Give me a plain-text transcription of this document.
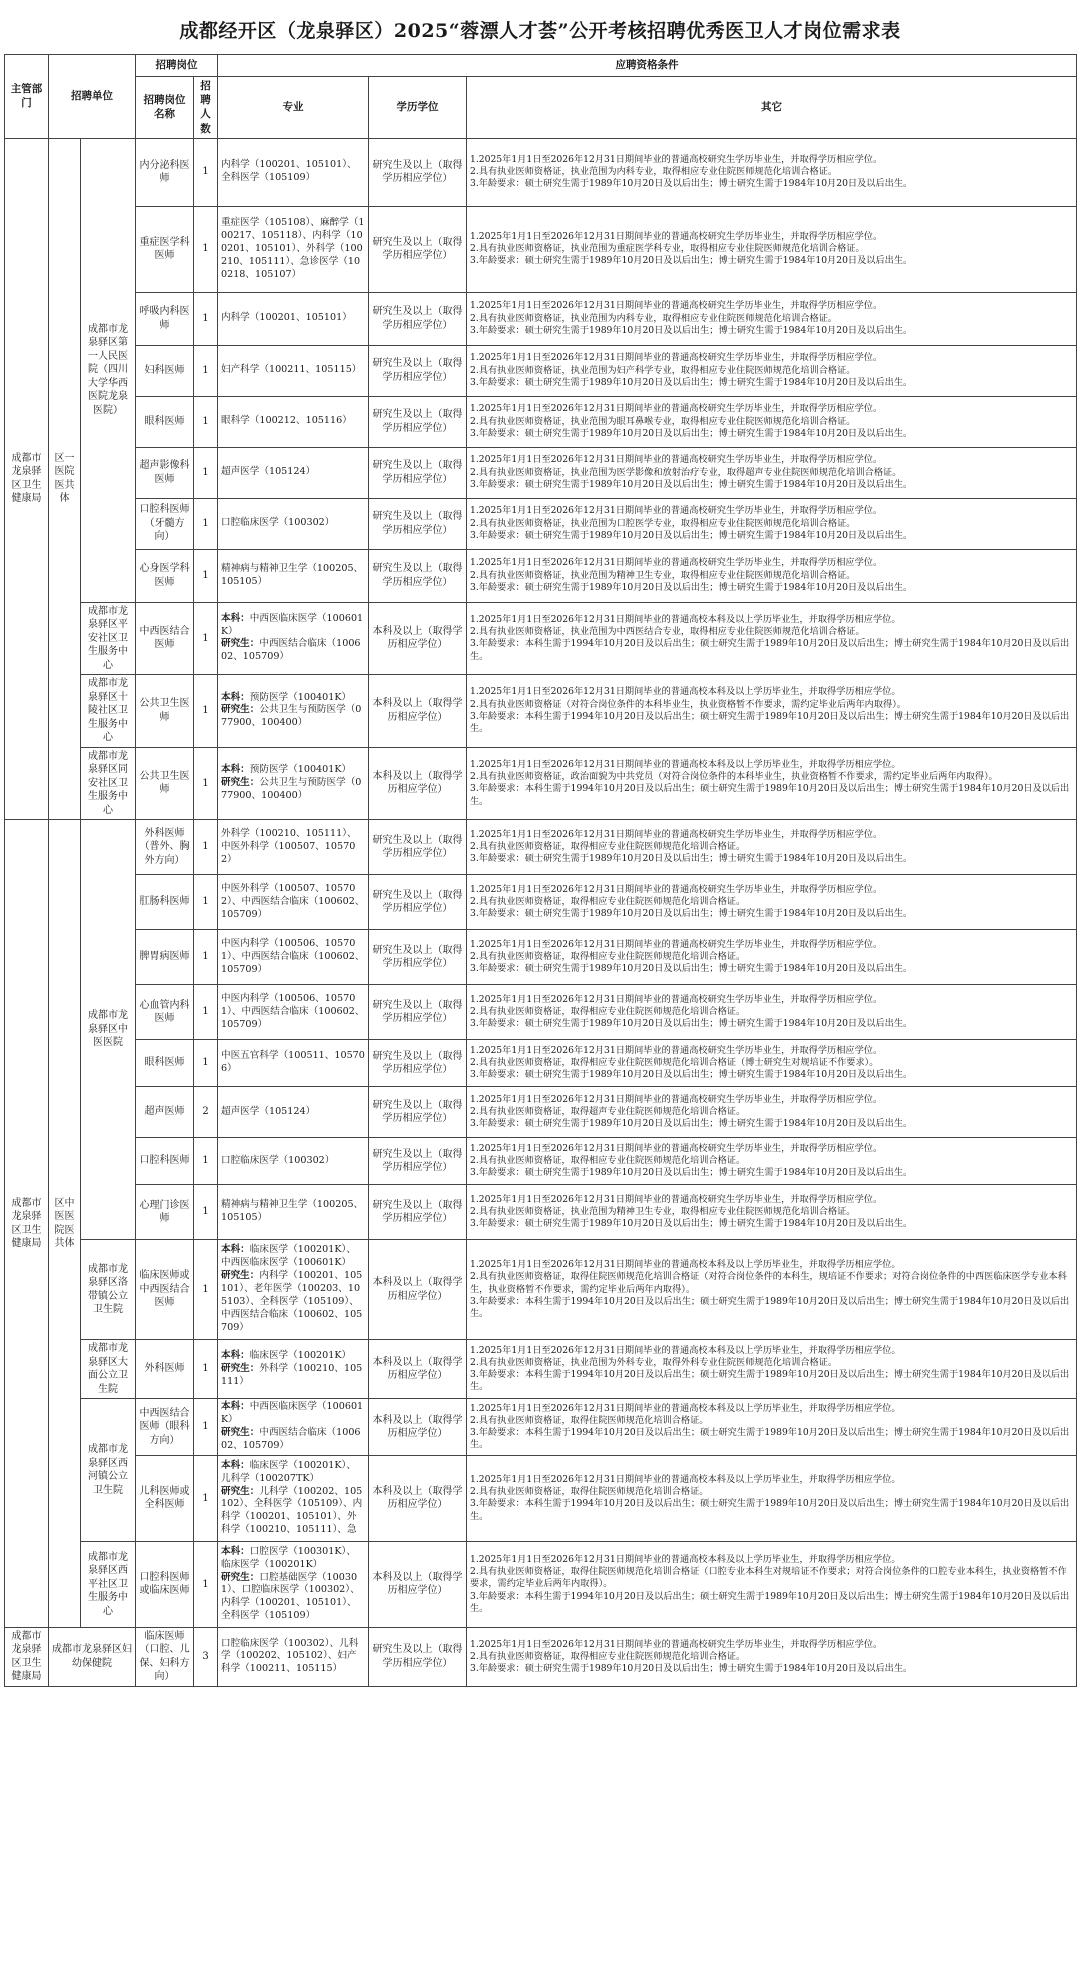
成都经开区（龙泉驿区）2025“蓉漂人才荟”公开考核招聘优秀医卫人才岗位需求表
主管部门	招聘单位		招聘岗位		应聘资格条件		
			招聘岗位名称	招聘人数	专业	学历学位	其它
成都市龙泉驿区卫生健康局	区一医院医共体	成都市龙泉驿区第一人民医院（四川大学华西医院龙泉医院）	内分泌科医师	1	内科学（100201、105101）、全科医学（105109）	研究生及以上（取得学历相应学位）	1.2025年1月1日至2026年12月31日期间毕业的普通高校研究生学历毕业生，并取得学历相应学位。
2.具有执业医师资格证，执业范围为内科专业，取得相应专业住院医师规范化培训合格证。
3.年龄要求：硕士研究生需于1989年10月20日及以后出生；博士研究生需于1984年10月20日及以后出生。
			重症医学科医师	1	重症医学（105108）、麻醉学（100217、105118）、内科学（100201、105101）、外科学（100210、105111）、急诊医学（100218、105107）	研究生及以上（取得学历相应学位）	1.2025年1月1日至2026年12月31日期间毕业的普通高校研究生学历毕业生，并取得学历相应学位。
2.具有执业医师资格证，执业范围为重症医学科专业，取得相应专业住院医师规范化培训合格证。
3.年龄要求：硕士研究生需于1989年10月20日及以后出生；博士研究生需于1984年10月20日及以后出生。
			呼吸内科医师	1	内科学（100201、105101）	研究生及以上（取得学历相应学位）	1.2025年1月1日至2026年12月31日期间毕业的普通高校研究生学历毕业生，并取得学历相应学位。
2.具有执业医师资格证，执业范围为内科专业，取得相应专业住院医师规范化培训合格证。
3.年龄要求：硕士研究生需于1989年10月20日及以后出生；博士研究生需于1984年10月20日及以后出生。
			妇科医师	1	妇产科学（100211、105115）	研究生及以上（取得学历相应学位）	1.2025年1月1日至2026年12月31日期间毕业的普通高校研究生学历毕业生，并取得学历相应学位。
2.具有执业医师资格证，执业范围为妇产科学专业，取得相应专业住院医师规范化培训合格证。
3.年龄要求：硕士研究生需于1989年10月20日及以后出生；博士研究生需于1984年10月20日及以后出生。
			眼科医师	1	眼科学（100212、105116）	研究生及以上（取得学历相应学位）	1.2025年1月1日至2026年12月31日期间毕业的普通高校研究生学历毕业生，并取得学历相应学位。
2.具有执业医师资格证，执业范围为眼耳鼻喉专业，取得相应专业住院医师规范化培训合格证。
3.年龄要求：硕士研究生需于1989年10月20日及以后出生；博士研究生需于1984年10月20日及以后出生。
			超声影像科医师	1	超声医学（105124）	研究生及以上（取得学历相应学位）	1.2025年1月1日至2026年12月31日期间毕业的普通高校研究生学历毕业生，并取得学历相应学位。
2.具有执业医师资格证，执业范围为医学影像和放射治疗专业，取得超声专业住院医师规范化培训合格证。
3.年龄要求：硕士研究生需于1989年10月20日及以后出生；博士研究生需于1984年10月20日及以后出生。
			口腔科医师（牙髓方向）	1	口腔临床医学（100302）	研究生及以上（取得学历相应学位）	1.2025年1月1日至2026年12月31日期间毕业的普通高校研究生学历毕业生，并取得学历相应学位。
2.具有执业医师资格证，执业范围为口腔医学专业，取得相应专业住院医师规范化培训合格证。
3.年龄要求：硕士研究生需于1989年10月20日及以后出生；博士研究生需于1984年10月20日及以后出生。
			心身医学科医师	1	精神病与精神卫生学（100205、105105）	研究生及以上（取得学历相应学位）	1.2025年1月1日至2026年12月31日期间毕业的普通高校研究生学历毕业生，并取得学历相应学位。
2.具有执业医师资格证，执业范围为精神卫生专业，取得相应专业住院医师规范化培训合格证。
3.年龄要求：硕士研究生需于1989年10月20日及以后出生；博士研究生需于1984年10月20日及以后出生。
		成都市龙泉驿区平安社区卫生服务中心	中西医结合医师	1	本科：中西医临床医学（100601K）
研究生：中西医结合临床（100602、105709）	本科及以上（取得学历相应学位）	1.2025年1月1日至2026年12月31日期间毕业的普通高校本科及以上学历毕业生，并取得学历相应学位。
2.具有执业医师资格证，执业范围为中西医结合专业，取得相应专业住院医师规范化培训合格证。
3.年龄要求：本科生需于1994年10月20日及以后出生；硕士研究生需于1989年10月20日及以后出生；博士研究生需于1984年10月20日及以后出生。
		成都市龙泉驿区十陵社区卫生服务中心	公共卫生医师	1	本科：预防医学（100401K）
研究生：公共卫生与预防医学（077900、100400）	本科及以上（取得学历相应学位）	1.2025年1月1日至2026年12月31日期间毕业的普通高校本科及以上学历毕业生，并取得学历相应学位。
2.具有执业医师资格证（对符合岗位条件的本科毕业生，执业资格暂不作要求，需约定毕业后两年内取得）。
3.年龄要求：本科生需于1994年10月20日及以后出生；硕士研究生需于1989年10月20日及以后出生；博士研究生需于1984年10月20日及以后出生。
		成都市龙泉驿区同安社区卫生服务中心	公共卫生医师	1	本科：预防医学（100401K）
研究生：公共卫生与预防医学（077900、100400）	本科及以上（取得学历相应学位）	1.2025年1月1日至2026年12月31日期间毕业的普通高校本科及以上学历毕业生，并取得学历相应学位。
2.具有执业医师资格证，政治面貌为中共党员（对符合岗位条件的本科毕业生，执业资格暂不作要求，需约定毕业后两年内取得）。
3.年龄要求：本科生需于1994年10月20日及以后出生；硕士研究生需于1989年10月20日及以后出生；博士研究生需于1984年10月20日及以后出生。
成都市龙泉驿区卫生健康局	区中医医院医共体	成都市龙泉驿区中医医院	外科医师（普外、胸外方向）	1	外科学（100210、105111）、中医外科学（100507、105702）	研究生及以上（取得学历相应学位）	1.2025年1月1日至2026年12月31日期间毕业的普通高校研究生学历毕业生，并取得学历相应学位。
2.具有执业医师资格证，取得相应专业住院医师规范化培训合格证。
3.年龄要求：硕士研究生需于1989年10月20日及以后出生；博士研究生需于1984年10月20日及以后出生。
			肛肠科医师	1	中医外科学（100507、105702）、中西医结合临床（100602、105709）	研究生及以上（取得学历相应学位）	1.2025年1月1日至2026年12月31日期间毕业的普通高校研究生学历毕业生，并取得学历相应学位。
2.具有执业医师资格证，取得相应专业住院医师规范化培训合格证。
3.年龄要求：硕士研究生需于1989年10月20日及以后出生；博士研究生需于1984年10月20日及以后出生。
			脾胃病医师	1	中医内科学（100506、105701）、中西医结合临床（100602、105709）	研究生及以上（取得学历相应学位）	1.2025年1月1日至2026年12月31日期间毕业的普通高校研究生学历毕业生，并取得学历相应学位。
2.具有执业医师资格证，取得相应专业住院医师规范化培训合格证。
3.年龄要求：硕士研究生需于1989年10月20日及以后出生；博士研究生需于1984年10月20日及以后出生。
			心血管内科医师	1	中医内科学（100506、105701）、中西医结合临床（100602、105709）	研究生及以上（取得学历相应学位）	1.2025年1月1日至2026年12月31日期间毕业的普通高校研究生学历毕业生，并取得学历相应学位。
2.具有执业医师资格证，取得相应专业住院医师规范化培训合格证。
3.年龄要求：硕士研究生需于1989年10月20日及以后出生；博士研究生需于1984年10月20日及以后出生。
			眼科医师	1	中医五官科学（100511、105706）	研究生及以上（取得学历相应学位）	1.2025年1月1日至2026年12月31日期间毕业的普通高校研究生学历毕业生，并取得学历相应学位。
2.具有执业医师资格证，取得相应专业住院医师规范化培训合格证（博士研究生对规培证不作要求）。
3.年龄要求：硕士研究生需于1989年10月20日及以后出生；博士研究生需于1984年10月20日及以后出生。
			超声医师	2	超声医学（105124）	研究生及以上（取得学历相应学位）	1.2025年1月1日至2026年12月31日期间毕业的普通高校研究生学历毕业生，并取得学历相应学位。
2.具有执业医师资格证，取得超声专业住院医师规范化培训合格证。
3.年龄要求：硕士研究生需于1989年10月20日及以后出生；博士研究生需于1984年10月20日及以后出生。
			口腔科医师	1	口腔临床医学（100302）	研究生及以上（取得学历相应学位）	1.2025年1月1日至2026年12月31日期间毕业的普通高校研究生学历毕业生，并取得学历相应学位。
2.具有执业医师资格证，取得相应专业住院医师规范化培训合格证。
3.年龄要求：硕士研究生需于1989年10月20日及以后出生；博士研究生需于1984年10月20日及以后出生。
			心理门诊医师	1	精神病与精神卫生学（100205、105105）	研究生及以上（取得学历相应学位）	1.2025年1月1日至2026年12月31日期间毕业的普通高校研究生学历毕业生，并取得学历相应学位。
2.具有执业医师资格证，执业范围为精神卫生专业，取得相应专业住院医师规范化培训合格证。
3.年龄要求：硕士研究生需于1989年10月20日及以后出生；博士研究生需于1984年10月20日及以后出生。
		成都市龙泉驿区洛带镇公立卫生院	临床医师或中西医结合医师	1	本科：临床医学（100201K）、中西医临床医学（100601K）
研究生：内科学（100201、105101）、老年医学（100203、105103）、全科医学（105109）、中西医结合临床（100602、105709）	本科及以上（取得学历相应学位）	1.2025年1月1日至2026年12月31日期间毕业的普通高校本科及以上学历毕业生，并取得学历相应学位。
2.具有执业医师资格证，取得住院医师规范化培训合格证（对符合岗位条件的本科生，规培证不作要求；对符合岗位条件的中西医临床医学专业本科生，执业资格暂不作要求，需约定毕业后两年内取得）。
3.年龄要求：本科生需于1994年10月20日及以后出生；硕士研究生需于1989年10月20日及以后出生；博士研究生需于1984年10月20日及以后出生。
		成都市龙泉驿区大面公立卫生院	外科医师	1	本科：临床医学（100201K）
研究生：外科学（100210、105111）	本科及以上（取得学历相应学位）	1.2025年1月1日至2026年12月31日期间毕业的普通高校本科及以上学历毕业生，并取得学历相应学位。
2.具有执业医师资格证，执业范围为外科专业，取得外科专业住院医师规范化培训合格证。
3.年龄要求：本科生需于1994年10月20日及以后出生；硕士研究生需于1989年10月20日及以后出生；博士研究生需于1984年10月20日及以后出生。
		成都市龙泉驿区西河镇公立卫生院	中西医结合医师（眼科方向）	1	本科：中西医临床医学（100601K）
研究生：中西医结合临床（100602、105709）	本科及以上（取得学历相应学位）	1.2025年1月1日至2026年12月31日期间毕业的普通高校本科及以上学历毕业生，并取得学历相应学位。
2.具有执业医师资格证，取得住院医师规范化培训合格证。
3.年龄要求：本科生需于1994年10月20日及以后出生；硕士研究生需于1989年10月20日及以后出生；博士研究生需于1984年10月20日及以后出生。
			儿科医师或全科医师	1	本科：临床医学（100201K）、儿科学（100207TK）
研究生：儿科学（100202、105102）、全科医学（105109）、内科学（100201、105101）、外科学（100210、105111）、急	本科及以上（取得学历相应学位）	1.2025年1月1日至2026年12月31日期间毕业的普通高校本科及以上学历毕业生，并取得学历相应学位。
2.具有执业医师资格证，取得住院医师规范化培训合格证。
3.年龄要求：本科生需于1994年10月20日及以后出生；硕士研究生需于1989年10月20日及以后出生；博士研究生需于1984年10月20日及以后出生。
		成都市龙泉驿区西平社区卫生服务中心	口腔科医师或临床医师	1	本科：口腔医学（100301K）、临床医学（100201K）
研究生：口腔基础医学（100301）、口腔临床医学（100302）、内科学（100201、105101）、全科医学（105109）	本科及以上（取得学历相应学位）	1.2025年1月1日至2026年12月31日期间毕业的普通高校本科及以上学历毕业生，并取得学历相应学位。
2.具有执业医师资格证，取得住院医师规范化培训合格证（口腔专业本科生对规培证不作要求；对符合岗位条件的口腔专业本科生，执业资格暂不作要求，需约定毕业后两年内取得）。
3.年龄要求：本科生需于1994年10月20日及以后出生；硕士研究生需于1989年10月20日及以后出生；博士研究生需于1984年10月20日及以后出生。
成都市龙泉驿区卫生健康局	成都市龙泉驿区妇幼保健院		临床医师（口腔、儿保、妇科方向）	3	口腔临床医学（100302）、儿科学（100202、105102）、妇产科学（100211、105115）	研究生及以上（取得学历相应学位）	1.2025年1月1日至2026年12月31日期间毕业的普通高校研究生学历毕业生，并取得学历相应学位。
2.具有执业医师资格证，取得相应专业住院医师规范化培训合格证。
3.年龄要求：硕士研究生需于1989年10月20日及以后出生；博士研究生需于1984年10月20日及以后出生。
